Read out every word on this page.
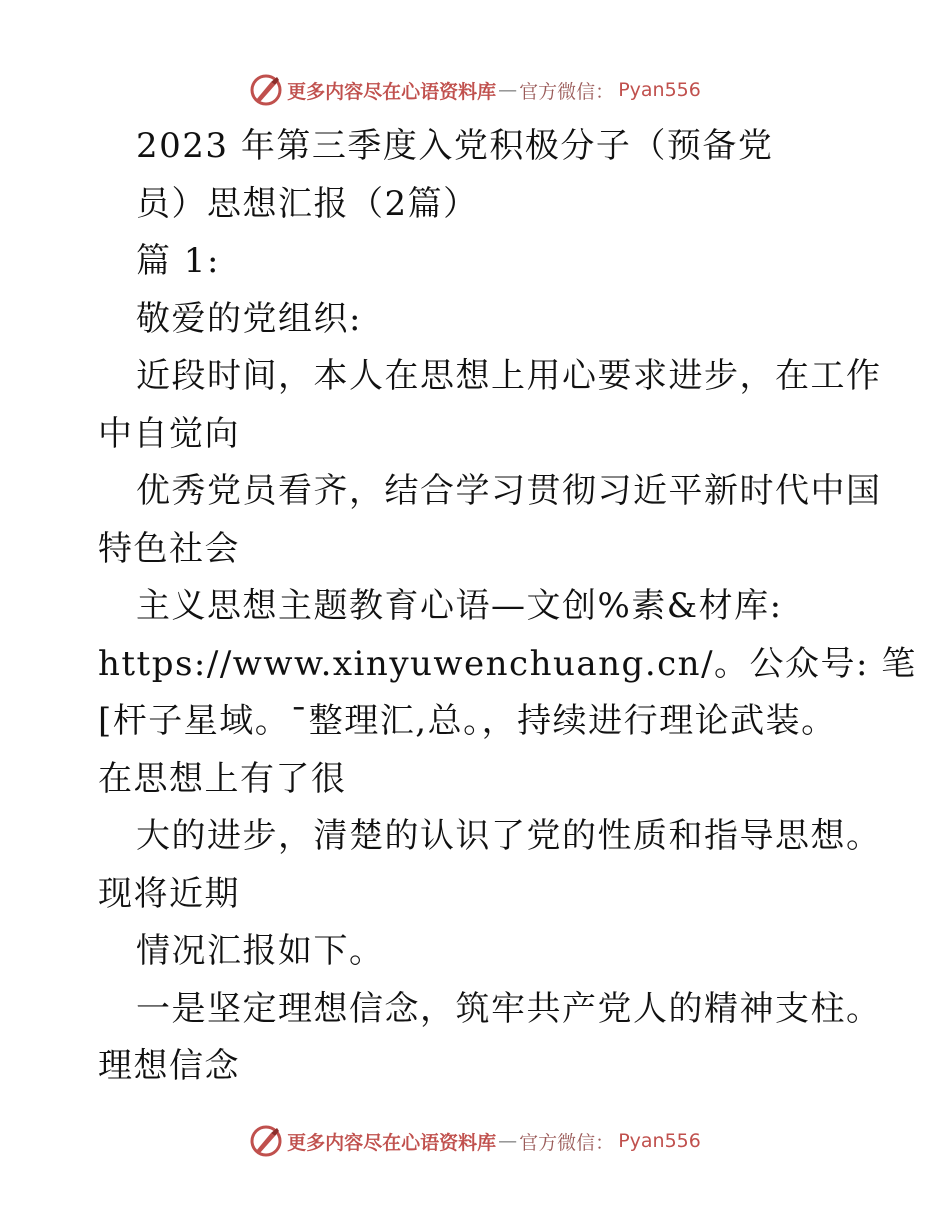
更多内容尽在心语资料库 — 官方微信： Pyan556
2023 年第三季度入党积极分子（预备党
员）思想汇报（2篇）
篇 1:
敬爱的党组织:
近段时间，本人在思想上用心要求进步，在工作
中自觉向
优秀党员看齐，结合学习贯彻习近平新时代中国
特色社会
主义思想主题教育心语—文创%素&材库:
https://www.xinyuwenchuang.cn/。公众号: 笔
[杆子星域。¯整理汇,总。，持续进行理论武装。
在思想上有了很
大的进步，清楚的认识了党的性质和指导思想。
现将近期
情况汇报如下。
一是坚定理想信念，筑牢共产党人的精神支柱。
理想信念
更多内容尽在心语资料库 — 官方微信： Pyan556
